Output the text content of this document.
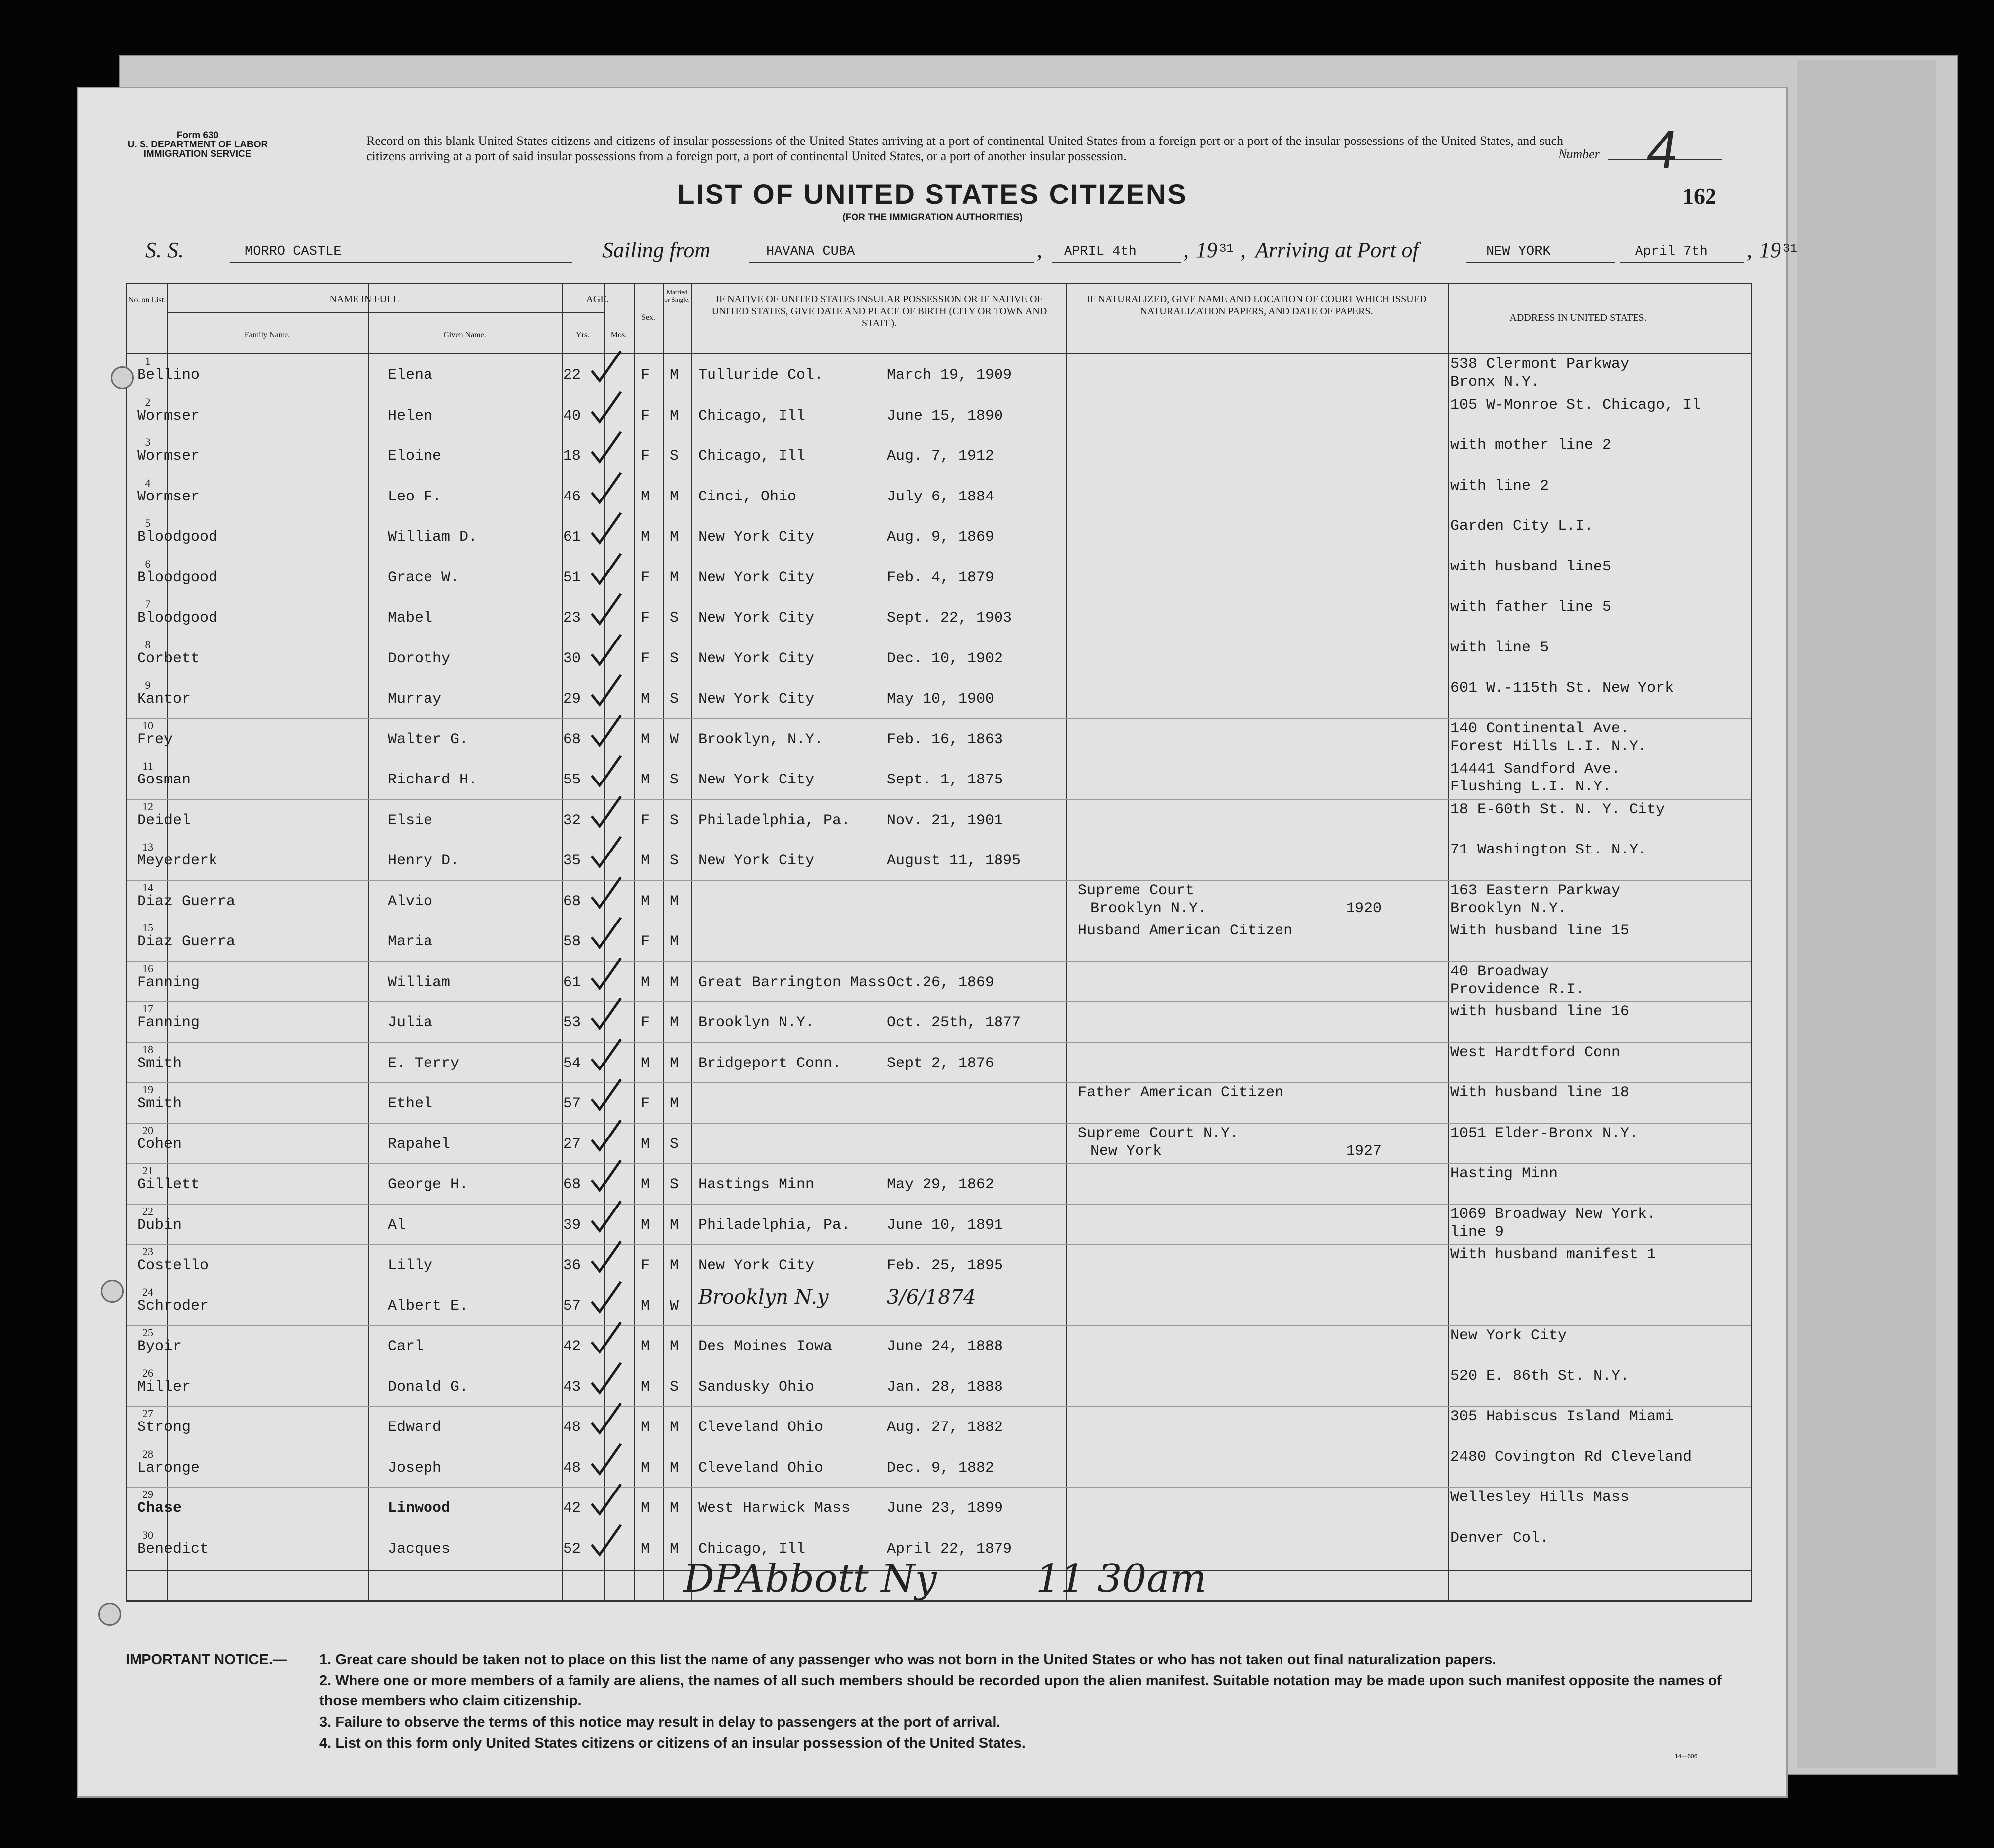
Form 630
U. S. DEPARTMENT OF LABOR
IMMIGRATION SERVICE
Record on this blank United States citizens and citizens of insular possessions of the United States arriving at a port of continental United States from a foreign port or a port of the insular possessions of the United States, and such citizens arriving at a port of said insular possessions from a foreign port, a port of continental United States, or a port of another insular possession.	Number 4
162
LIST OF UNITED STATES CITIZENS
(FOR THE IMMIGRATION AUTHORITIES)
S. S.	MORRO CASTLE	Sailing from	HAVANA CUBA	, APRIL 4th , 19 31 , Arriving at Port of	NEW YORK	April 7th , 19 31
No. on List.	NAME IN FULL
Family Name.	Given Name.
AGE.
Yrs.	Mos.
Sex.
Married or Single.	IF NATIVE OF UNITED STATES INSULAR POSSESSION OR IF NATIVE OF UNITED STATES, GIVE DATE AND PLACE OF BIRTH (CITY OR TOWN AND STATE).
IF NATURALIZED, GIVE NAME AND LOCATION OF COURT WHICH ISSUED NATURALIZATION PAPERS, AND DATE OF PAPERS.
ADDRESS IN UNITED STATES.
1
Bellino	Elena	22	F M Tulluride Col.	March 19, 1909
538 Clermont Parkway
Bronx N.Y.
2
Wormser	Helen	40	F M Chicago, Ill	June 15, 1890
105 W-Monroe St. Chicago, Il
3
Wormser	Eloine	18	F S Chicago, Ill	Aug. 7, 1912
with mother line 2
4
Wormser	Leo F.	46	M M Cinci, Ohio	July 6, 1884
with line 2
5
Bloodgood	William D.	61	M M New York City	Aug. 9, 1869
Garden City L.I.
6
Bloodgood	Grace W.	51	F M New York City	Feb. 4, 1879
with husband line5
7
Bloodgood	Mabel	23	F S New York City	Sept. 22, 1903
with father line 5
8
Corbett	Dorothy	30	F S New York City	Dec. 10, 1902
with line 5
9
Kantor	Murray	29	M S New York City	May 10, 1900
601 W.-115th St. New York
10
Frey	Walter G.	68	M W Brooklyn, N.Y.	Feb. 16, 1863
140 Continental Ave.
Forest Hills L.I. N.Y.
11
Gosman	Richard H.	55	M S New York City	Sept. 1, 1875
14441 Sandford Ave.
Flushing L.I. N.Y.
12
Deidel	Elsie	32	F S Philadelphia, Pa. Nov. 21, 1901
18 E-60th St. N. Y. City
13
Meyerderk	Henry D.	35	M S New York City	August 11, 1895
71 Washington St. N.Y.
14
Diaz Guerra	Alvio	68	M M
Supreme Court
Brooklyn N.Y.	1920
163 Eastern Parkway
Brooklyn N.Y.
15
Diaz Guerra	Maria	58	F M
Husband American Citizen	With husband line 15
16
Fanning	William	61	M M Great Barrington Mass Oct.26, 1869
40 Broadway
Providence R.I.
17
Fanning	Julia	53	F M Brooklyn N.Y.	Oct. 25th, 1877
with husband line 16
18
Smith	E. Terry	54	M M Bridgeport Conn.	Sept 2, 1876
West Hardtford Conn
19
Smith	Ethel	57	F M
Father American Citizen	With husband line 18
20
Cohen	Rapahel	27	M S
Supreme Court N.Y.
New York	1927
1051 Elder-Bronx N.Y.
21
Gillett	George H.	68	M S Hastings Minn	May 29, 1862
Hasting Minn
22
Dubin	Al	39	M M Philadelphia, Pa. June 10, 1891
1069 Broadway New York.
line 9
23
Costello	Lilly	36	F M New York City	Feb. 25, 1895
With husband manifest 1
24
Schroder	Albert E.	57	M W Brooklyn N.y	3/6/1874
25
Byoir	Carl	42	M M Des Moines Iowa	June 24, 1888
New York City
26
Miller	Donald G.	43	M S Sandusky Ohio	Jan. 28, 1888
520 E. 86th St. N.Y.
27
Strong	Edward	48	M M Cleveland Ohio	Aug. 27, 1882
305 Habiscus Island Miami
28
Laronge	Joseph	48	M M Cleveland Ohio	Dec. 9, 1882
2480 Covington Rd Cleveland
29
Chase	Linwood	42	M M West Harwick Mass June 23, 1899
Wellesley Hills Mass
30
Benedict	Jacques	52	M M Chicago, Ill	April 22, 1879
Denver Col.
DPAbbott Ny	11 30am
IMPORTANT NOTICE.— 1. Great care should be taken not to place on this list the name of any passenger who was not born in the United States or who has not taken out final naturalization papers.
2. Where one or more members of a family are aliens, the names of all such members should be recorded upon the alien manifest. Suitable notation may be made upon such manifest opposite the names of those members who claim citizenship.
3. Failure to observe the terms of this notice may result in delay to passengers at the port of arrival.
4. List on this form only United States citizens or citizens of an insular possession of the United States.
14—606
